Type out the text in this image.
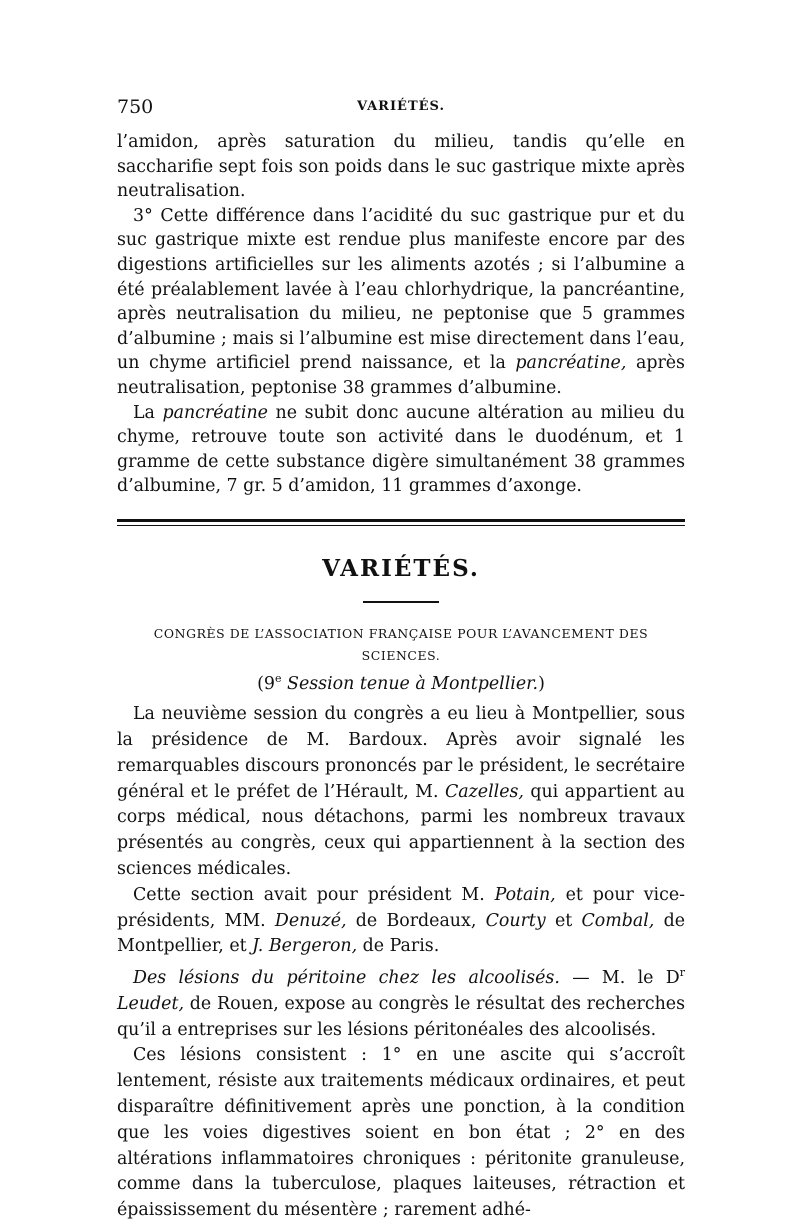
750	VARIÉTÉS.

l’amidon, après saturation du milieu, tandis qu’elle en saccharifie sept fois son poids dans le suc gastrique mixte après neutralisation.

3° Cette différence dans l’acidité du suc gastrique pur et du suc gastrique mixte est rendue plus manifeste encore par des digestions artificielles sur les aliments azotés ; si l’albumine a été préalablement lavée à l’eau chlorhydrique, la pancréantine, après neutralisation du milieu, ne peptonise que 5 grammes d’albumine ; mais si l’albumine est mise directement dans l’eau, un chyme artificiel prend naissance, et la pancréatine, après neutralisation, peptonise 38 grammes d’albumine.

La pancréatine ne subit donc aucune altération au milieu du chyme, retrouve toute son activité dans le duodénum, et 1 gramme de cette substance digère simultanément 38 grammes d’albumine, 7 gr. 5 d’amidon, 11 grammes d’axonge.

VARIÉTÉS.
CONGRÈS DE L’ASSOCIATION FRANÇAISE POUR L’AVANCEMENT DES
SCIENCES.
(9e Session tenue à Montpellier.)

La neuvième session du congrès a eu lieu à Montpellier, sous la présidence de M. Bardoux. Après avoir signalé les remarquables discours prononcés par le président, le secrétaire général et le préfet de l’Hérault, M. Cazelles, qui appartient au corps médical, nous détachons, parmi les nombreux travaux présentés au congrès, ceux qui appartiennent à la section des sciences médicales.

Cette section avait pour président M. Potain, et pour vice-présidents, MM. Denuzé, de Bordeaux, Courty et Combal, de Montpellier, et J. Bergeron, de Paris.

Des lésions du péritoine chez les alcoolisés. — M. le $D^r$ Leudet, de Rouen, expose au congrès le résultat des recherches qu’il a entreprises sur les lésions péritonéales des alcoolisés.

Ces lésions consistent : 1° en une ascite qui s’accroît lentement, résiste aux traitements médicaux ordinaires, et peut disparaître définitivement après une ponction, à la condition que les voies digestives soient en bon état ; 2° en des altérations inflammatoires chroniques : péritonite granuleuse, comme dans la tuberculose, plaques laiteuses, rétraction et épaississement du mésentère ; rarement adhé-
